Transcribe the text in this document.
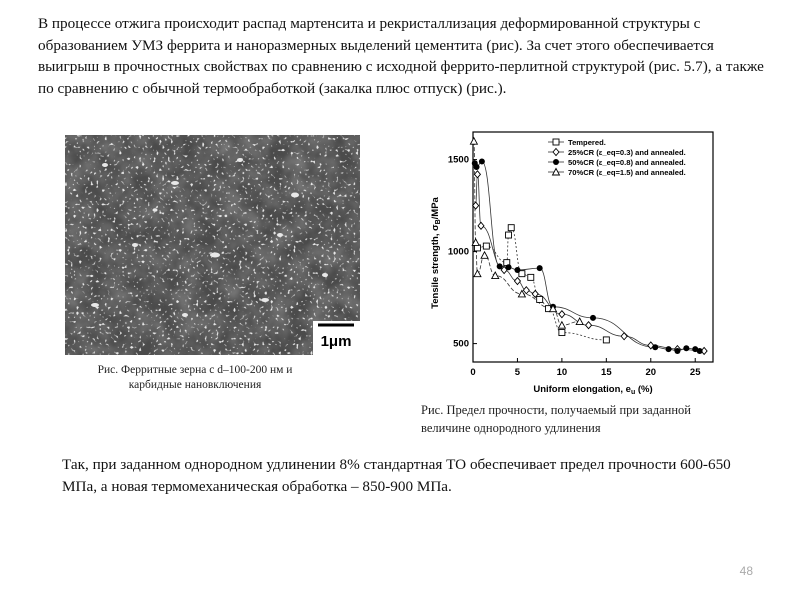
В процессе отжига происходит распад мартенсита и рекристаллизация деформированной структуры с образованием УМЗ феррита и наноразмерных выделений цементита (рис). За счет этого обеспечивается выигрыш в прочностных свойствах по сравнению с исходной феррито-перлитной структурой (рис. 5.7), а также по сравнению с обычной термообработкой (закалка плюс отпуск) (рис.).

1μm

Рис. Ферритные зерна с d–100-200 нм и карбидные нановключения

0	5	10	15	20	25
500
1000
1500
Tempered.
25%CR (ε_eq=0.3) and annealed.
50%CR (ε_eq=0.8) and annealed.
70%CR (ε_eq=1.5) and annealed.
Tensile strength, $\sigma_B$/MPa
Uniform elongation, $e_u$ (%)

Рис. Предел прочности, получаемый при заданной величине однородного удлинения

Так, при заданном однородном удлинении 8% стандартная ТО обеспечивает предел прочности 600-650 МПа, а новая термомеханическая обработка – 850-900 МПа.

48
